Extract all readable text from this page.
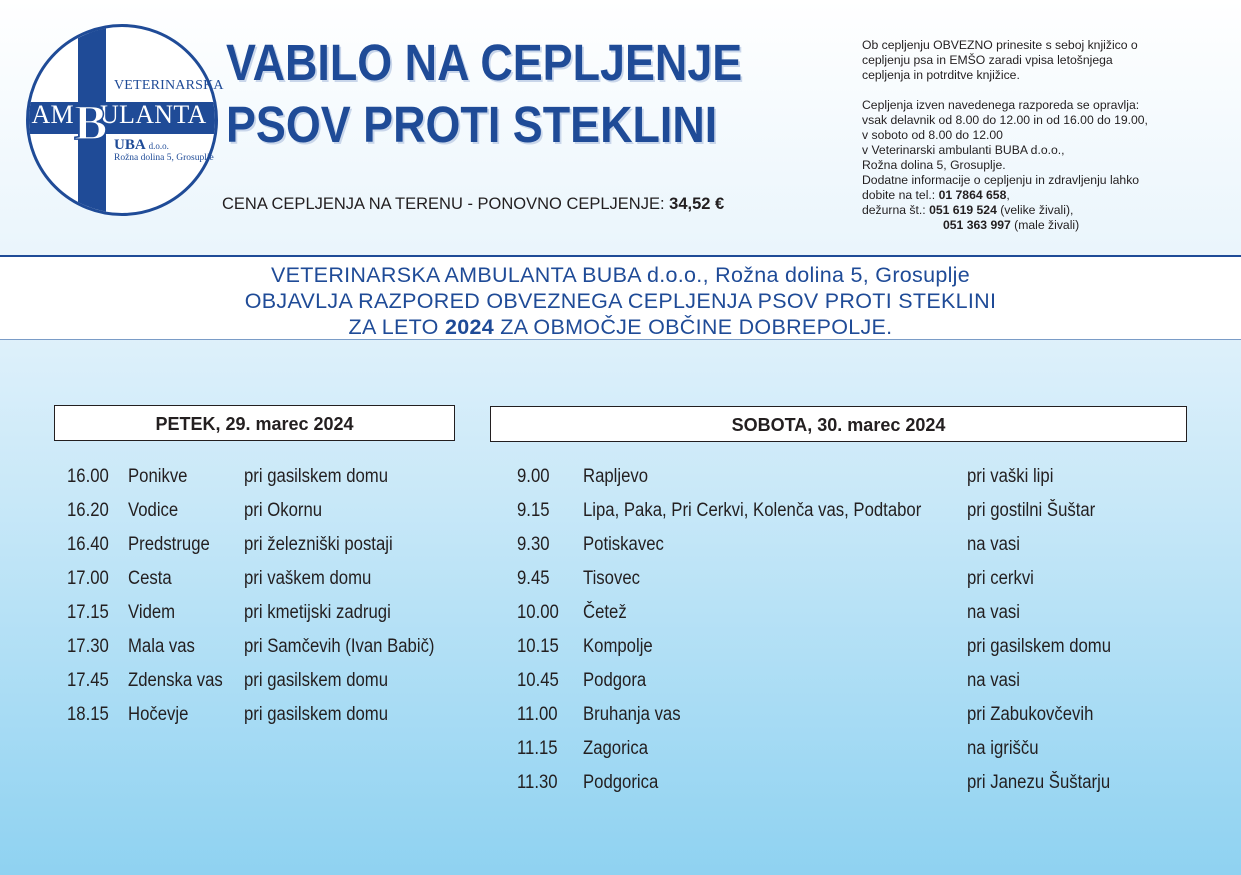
VETERINARSKA
AM ULANTA
B UBA d.o.o.
Rožna dolina 5, Grosuplje
VABILO NA CEPLJENJE
PSOV PROTI STEKLINI
CENA CEPLJENJA NA TERENU - PONOVNO CEPLJENJE: 34,52 €

Ob cepljenju OBVEZNO prinesite s seboj knjižico o

cepljenju psa in EMŠO zaradi vpisa letošnjega

cepljenja in potrditve knjižice.

Cepljenja izven navedenega razporeda se opravlja:

vsak delavnik od 8.00 do 12.00 in od 16.00 do 19.00,

v soboto od 8.00 do 12.00

v Veterinarski ambulanti BUBA d.o.o.,

Rožna dolina 5, Grosuplje.

Dodatne informacije o cepljenju in zdravljenju lahko

dobite na tel.: 01 7864 658,

dežurna št.: 051 619 524 (velike živali),

051 363 997 (male živali)

VETERINARSKA AMBULANTA BUBA d.o.o., Rožna dolina 5, Grosuplje

OBJAVLJA RAZPORED OBVEZNEGA CEPLJENJA PSOV PROTI STEKLINI

ZA LETO 2024 ZA OBMOČJE OBČINE DOBREPOLJE.

PETEK, 29. marec 2024	SOBOTA, 30. marec 2024
16.00 Ponikve	pri gasilskem domu
16.20 Vodice	pri Okornu
16.40 Predstruge pri železniški postaji
17.00 Cesta	pri vaškem domu
17.15 Videm	pri kmetijski zadrugi
17.30 Mala vas	pri Samčevih (Ivan Babič)
17.45 Zdenska vas pri gasilskem domu
18.15 Hočevje	pri gasilskem domu
9.00 Rapljevo	pri vaški lipi
9.15 Lipa, Paka, Pri Cerkvi, Kolenča vas, Podtabor pri gostilni Šuštar
9.30 Potiskavec	na vasi
9.45 Tisovec	pri cerkvi
10.00 Četež	na vasi
10.15 Kompolje	pri gasilskem domu
10.45 Podgora	na vasi
11.00 Bruhanja vas	pri Zabukovčevih
11.15 Zagorica	na igrišču
11.30 Podgorica	pri Janezu Šuštarju
